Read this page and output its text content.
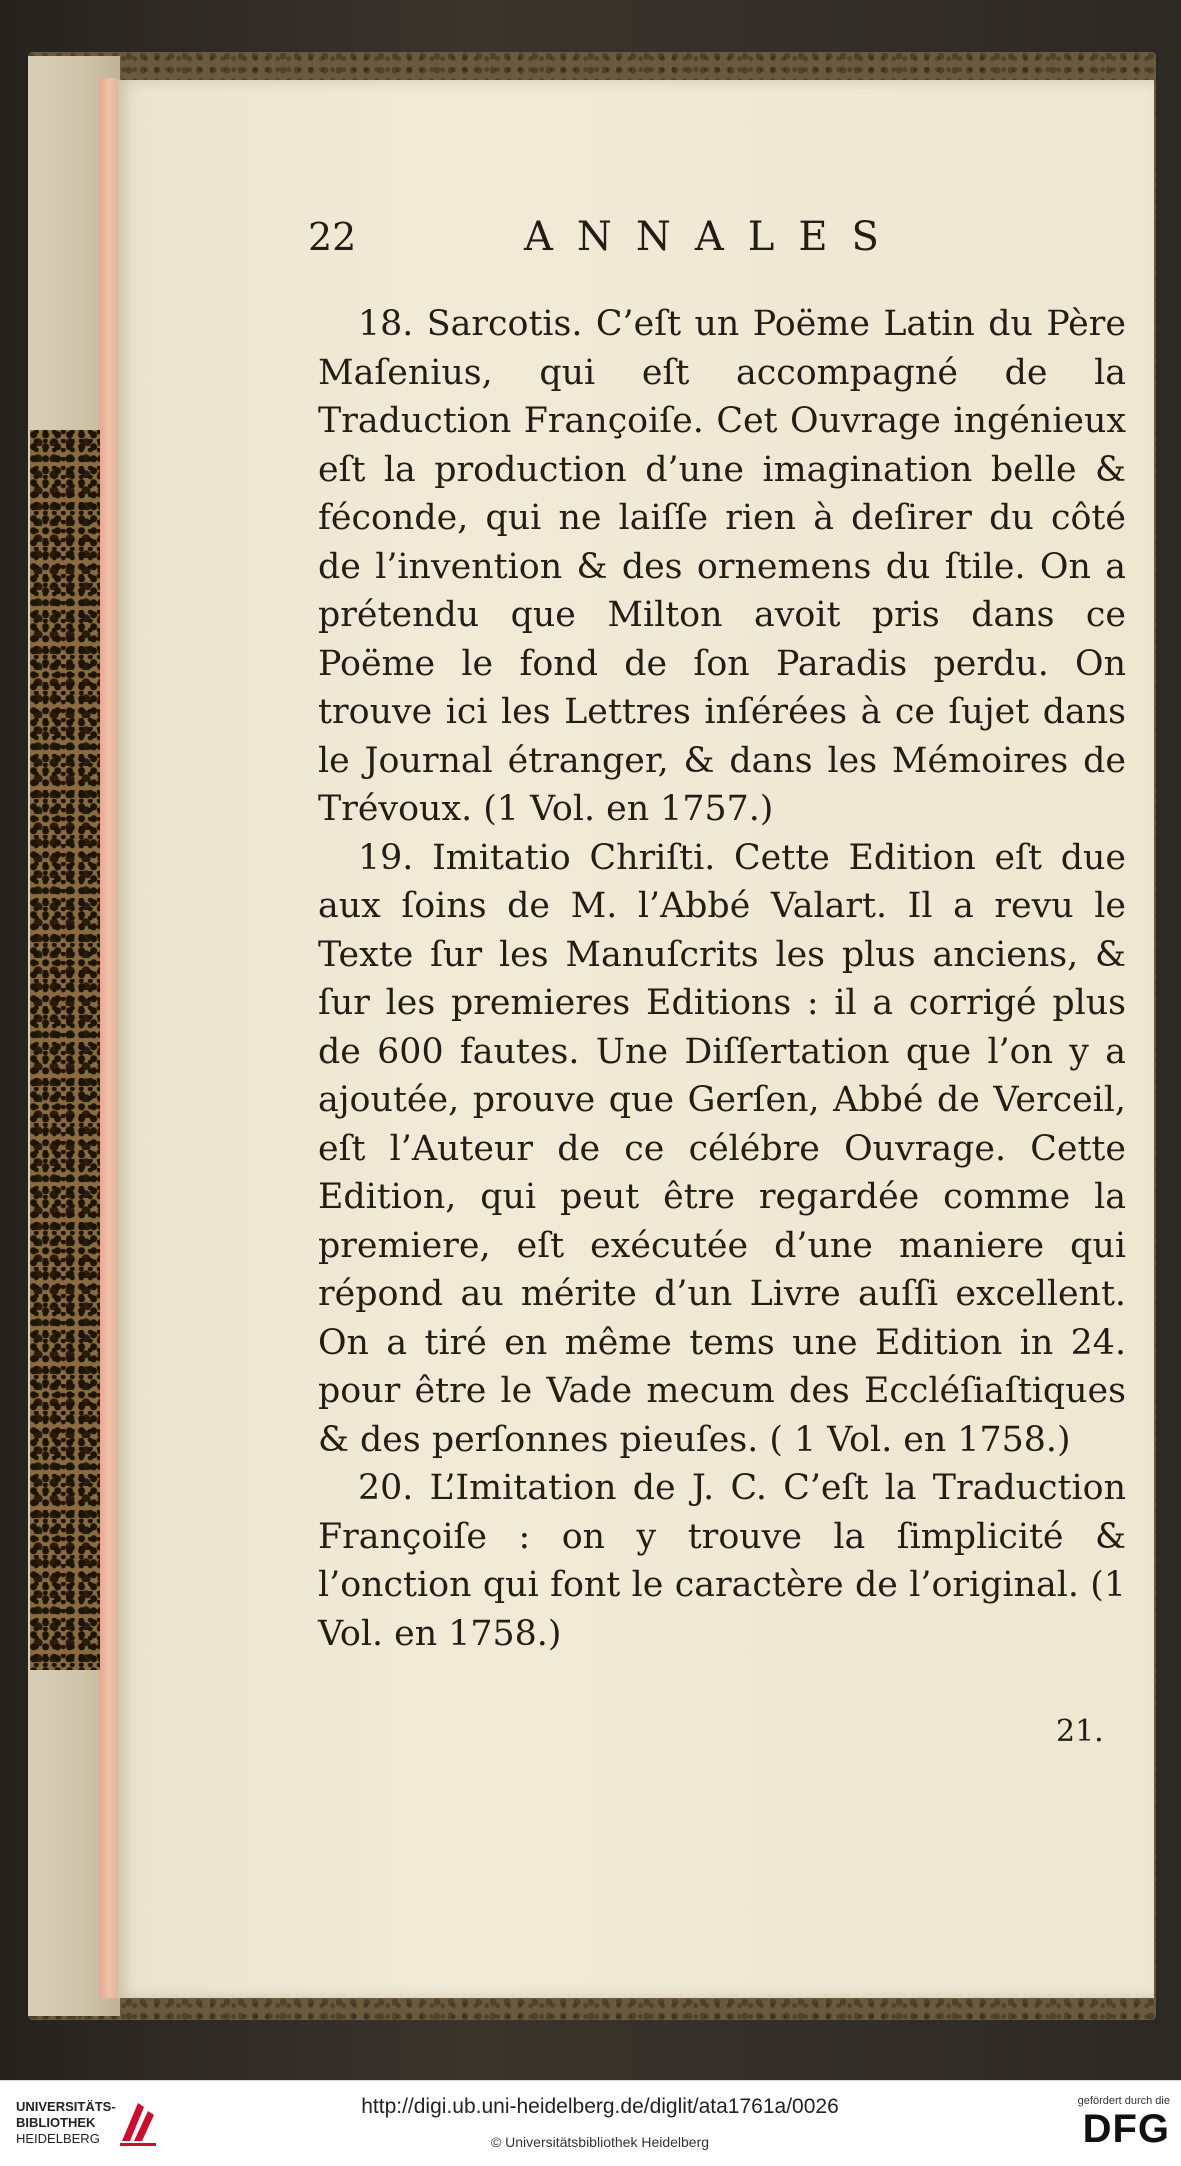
22	ANNALES

18. Sarcotis. C’eſt un Poëme Latin du Père Maſenius, qui eſt accompagné de la Traduction Françoiſe. Cet Ouvrage ingénieux eſt la production d’une imagination belle & féconde, qui ne laiſſe rien à deſirer du côté de l’invention & des ornemens du ſtile. On a prétendu que Milton avoit pris dans ce Poëme le fond de ſon Paradis perdu. On trouve ici les Lettres inſérées à ce ſujet dans le Journal étranger, & dans les Mémoires de Trévoux. (1 Vol. en 1757.)

19. Imitatio Chriſti. Cette Edition eſt due aux ſoins de M. l’Abbé Valart. Il a revu le Texte ſur les Manuſcrits les plus anciens, & ſur les premieres Editions : il a corrigé plus de 600 fautes. Une Diſſertation que l’on y a ajoutée, prouve que Gerſen, Abbé de Verceil, eſt l’Auteur de ce célébre Ouvrage. Cette Edition, qui peut être regardée comme la premiere, eſt exécutée d’une maniere qui répond au mérite d’un Livre auſſi excellent. On a tiré en même tems une Edition in 24. pour être le Vade mecum des Eccléſiaſtiques & des perſonnes pieuſes. ( 1 Vol. en 1758.)

20. L’Imitation de J. C. C’eſt la Traduction Françoiſe : on y trouve la ſimplicité & l’onction qui font le caractère de l’original. (1 Vol. en 1758.)

21.
UNIVERSITÄTS-
BIBLIOTHEK
HEIDELBERG
http://digi.ub.uni-heidelberg.de/diglit/ata1761a/0026
© Universitätsbibliothek Heidelberg
gefördert durch die
DFG
